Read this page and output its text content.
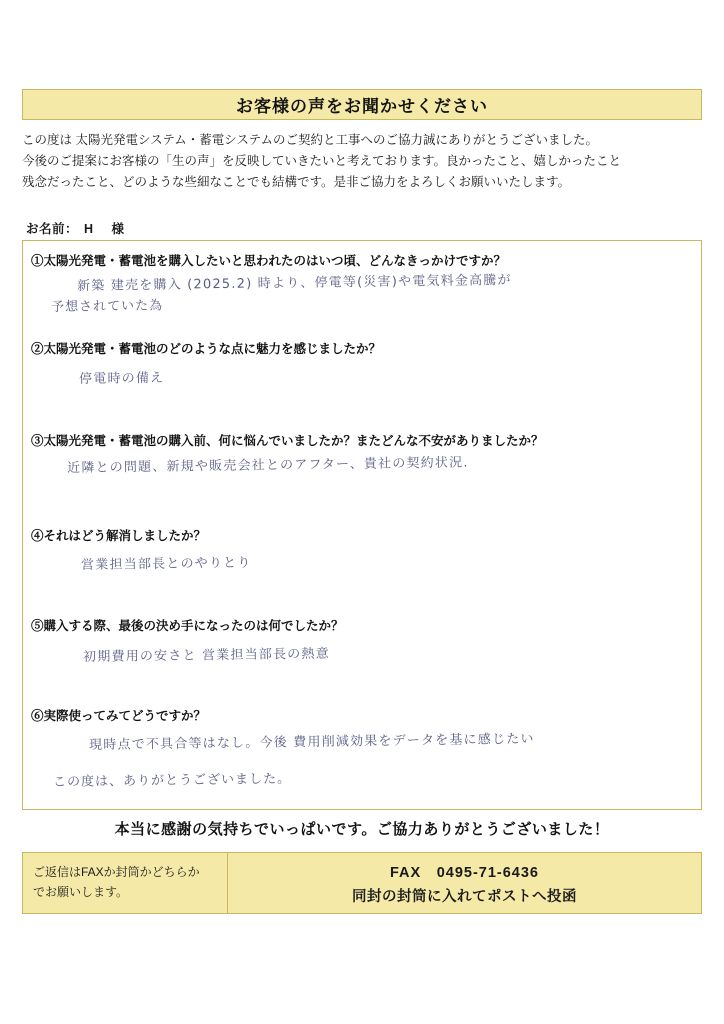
お客様の声をお聞かせください
この度は 太陽光発電システム・蓄電システムのご契約と工事へのご協力誠にありがとうございました。
今後のご提案にお客様の「生の声」を反映していきたいと考えております。良かったこと、嬉しかったこと
残念だったこと、どのような些細なことでも結構です。是非ご協力をよろしくお願いいたします。
お名前： H　様
①太陽光発電・蓄電池を購入したいと思われたのはいつ頃、どんなきっかけですか？
新築 建売を購入 (2025.2) 時より、停電等(災害)や電気料金高騰が
予想されていた為
②太陽光発電・蓄電池のどのような点に魅力を感じましたか？
停電時の備え
③太陽光発電・蓄電池の購入前、何に悩んでいましたか？またどんな不安がありましたか？
近隣との問題、新規や販売会社とのアフター、貴社の契約状況.
④それはどう解消しましたか？
営業担当部長とのやりとり
⑤購入する際、最後の決め手になったのは何でしたか？
初期費用の安さと 営業担当部長の熱意
⑥実際使ってみてどうですか？
現時点で不具合等はなし。今後 費用削減効果をデータを基に感じたい
この度は、ありがとうございました。
本当に感謝の気持ちでいっぱいです。ご協力ありがとうございました！
ご返信はFAXか封筒かどちらか
でお願いします。
FAX　0495-71-6436
同封の封筒に入れてポストへ投函
